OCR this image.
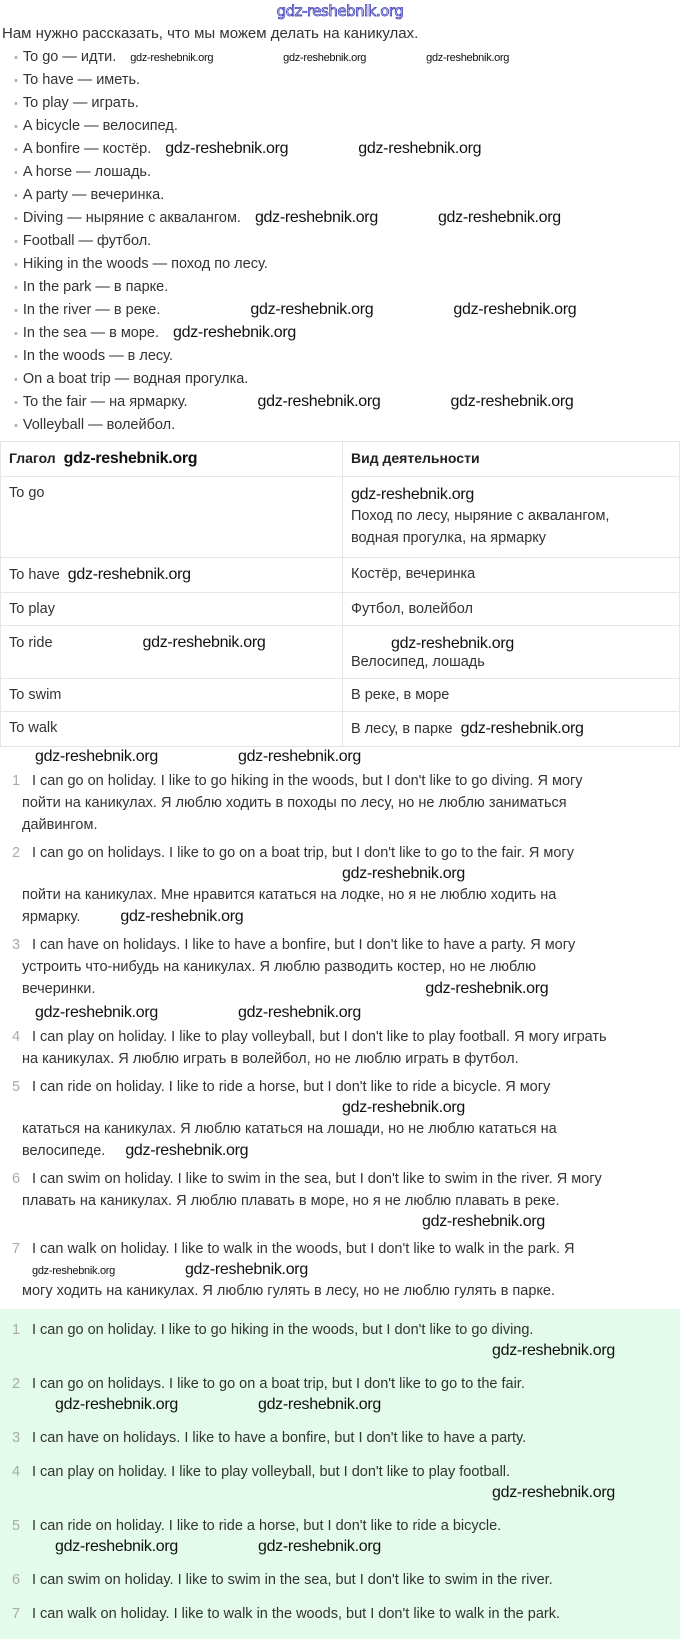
gdz-reshebnik.org
Нам нужно рассказать, что мы можем делать на каникулах.
• To go — идти. gdz-reshebnik.org	gdz-reshebnik.org	gdz-reshebnik.org
• To have — иметь.
• To play — играть.
• A bicycle — велосипед.
• A bonfire — костёр. gdz-reshebnik.org	gdz-reshebnik.org
• A horse — лошадь.
• A party — вечеринка.
• Diving — ныряние с аквалангом. gdz-reshebnik.org	gdz-reshebnik.org
• Football — футбол.
• Hiking in the woods — поход по лесу.
• In the park — в парке.
• In the river — в реке.	gdz-reshebnik.org	gdz-reshebnik.org
• In the sea — в море. gdz-reshebnik.org
• In the woods — в лесу.
• On a boat trip — водная прогулка.
• To the fair — на ярмарку.	gdz-reshebnik.org	gdz-reshebnik.org
• Volleyball — волейбол.
Глагол gdz-reshebnik.org	Вид деятельности
To go	gdz-reshebnik.org
Поход по лесу, ныряние с аквалангом,
водная прогулка, на ярмарку

To have gdz-reshebnik.org	Костёр, вечеринка

To play	Футбол, волейбол

To ride gdz-reshebnik.org	gdz-reshebnik.org
Велосипед, лошадь

To swim	В реке, в море

To walk	В лесу, в парке gdz-reshebnik.org
gdz-reshebnik.org	gdz-reshebnik.org
1 I can go on holiday. I like to go hiking in the woods, but I don't like to go diving. Я могу
пойти на каникулах. Я люблю ходить в походы по лесу, но не люблю заниматься
дайвингом.
2 I can go on holidays. I like to go on a boat trip, but I don't like to go to the fair. Я могу
gdz-reshebnik.org
пойти на каникулах. Мне нравится кататься на лодке, но я не люблю ходить на
ярмарку.	gdz-reshebnik.org
3 I can have on holidays. I like to have a bonfire, but I don't like to have a party. Я могу
устроить что-нибудь на каникулах. Я люблю разводить костер, но не люблю
вечеринки.	gdz-reshebnik.org
gdz-reshebnik.org	gdz-reshebnik.org
4 I can play on holiday. I like to play volleyball, but I don't like to play football. Я могу играть
на каникулах. Я люблю играть в волейбол, но не люблю играть в футбол.
5 I can ride on holiday. I like to ride a horse, but I don't like to ride a bicycle. Я могу
gdz-reshebnik.org
кататься на каникулах. Я люблю кататься на лошади, но не люблю кататься на
велосипеде. gdz-reshebnik.org
6 I can swim on holiday. I like to swim in the sea, but I don't like to swim in the river. Я могу
плавать на каникулах. Я люблю плавать в море, но я не люблю плавать в реке.
gdz-reshebnik.org
7 I can walk on holiday. I like to walk in the woods, but I don't like to walk in the park. Я
gdz-reshebnik.org	gdz-reshebnik.org
могу ходить на каникулах. Я люблю гулять в лесу, но не люблю гулять в парке.
1 I can go on holiday. I like to go hiking in the woods, but I don't like to go diving.
gdz-reshebnik.org
2 I can go on holidays. I like to go on a boat trip, but I don't like to go to the fair.
gdz-reshebnik.org	gdz-reshebnik.org
3 I can have on holidays. I like to have a bonfire, but I don't like to have a party.
4 I can play on holiday. I like to play volleyball, but I don't like to play football.
gdz-reshebnik.org
5 I can ride on holiday. I like to ride a horse, but I don't like to ride a bicycle.
gdz-reshebnik.org	gdz-reshebnik.org
6 I can swim on holiday. I like to swim in the sea, but I don't like to swim in the river.
7 I can walk on holiday. I like to walk in the woods, but I don't like to walk in the park.
